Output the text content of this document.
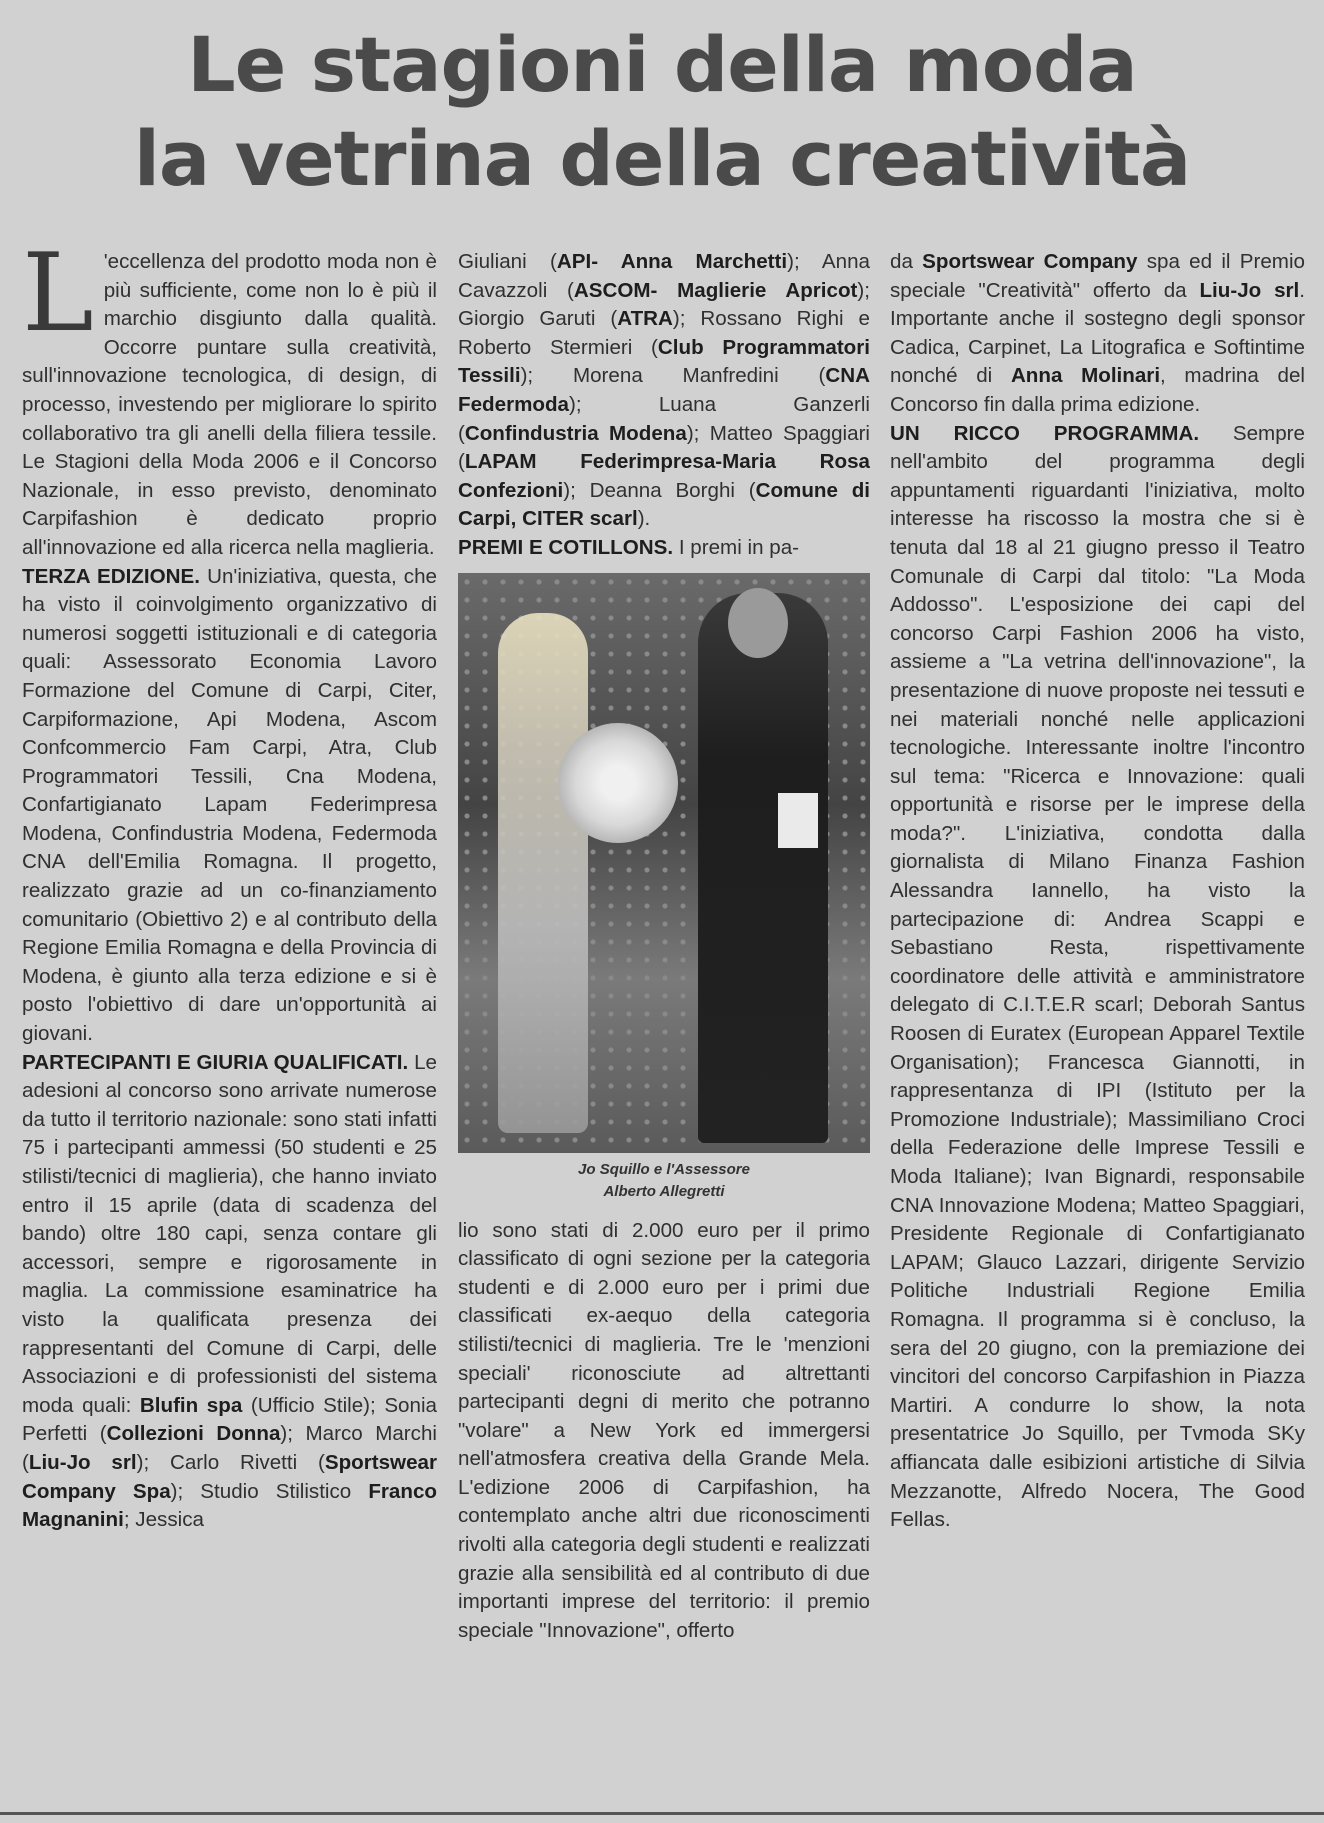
Le stagioni della moda
la vetrina della creatività

L 'eccellenza del prodotto moda non è più sufficiente, come non lo è più il marchio disgiunto dalla qualità. Occorre puntare sulla creatività, sull'innovazione tecnologica, di design, di processo, investendo per migliorare lo spirito collaborativo tra gli anelli della filiera tessile. Le Stagioni della Moda 2006 e il Concorso Nazionale, in esso previsto, denominato Carpifashion è dedicato proprio all'innovazione ed alla ricerca nella maglieria.

TERZA EDIZIONE. Un'iniziativa, questa, che ha visto il coinvolgimento organizzativo di numerosi soggetti istituzionali e di categoria quali: Assessorato Economia Lavoro Formazione del Comune di Carpi, Citer, Carpiformazione, Api Modena, Ascom Confcommercio Fam Carpi, Atra, Club Programmatori Tessili, Cna Modena, Confartigianato Lapam Federimpresa Modena, Confindustria Modena, Federmoda CNA dell'Emilia Romagna. Il progetto, realizzato grazie ad un co-finanziamento comunitario (Obiettivo 2) e al contributo della Regione Emilia Romagna e della Provincia di Modena, è giunto alla terza edizione e si è posto l'obiettivo di dare un'opportunità ai giovani.

PARTECIPANTI E GIURIA QUALIFICATI. Le adesioni al concorso sono arrivate numerose da tutto il territorio nazionale: sono stati infatti 75 i partecipanti ammessi (50 studenti e 25 stilisti/tecnici di maglieria), che hanno inviato entro il 15 aprile (data di scadenza del bando) oltre 180 capi, senza contare gli accessori, sempre e rigorosamente in maglia. La commissione esaminatrice ha visto la qualificata presenza dei rappresentanti del Comune di Carpi, delle Associazioni e di professionisti del sistema moda quali: Blufin spa (Ufficio Stile); Sonia Perfetti (Collezioni Donna); Marco Marchi (Liu-Jo srl); Carlo Rivetti (Sportswear Company Spa); Studio Stilistico Franco Magnanini; Jessica

Giuliani (API- Anna Marchetti); Anna Cavazzoli (ASCOM- Maglierie Apricot); Giorgio Garuti (ATRA); Rossano Righi e Roberto Stermieri (Club Programmatori Tessili); Morena Manfredini (CNA Federmoda); Luana Ganzerli (Confindustria Modena); Matteo Spaggiari (LAPAM Federimpresa-Maria Rosa Confezioni); Deanna Borghi (Comune di Carpi, CITER scarl).

PREMI E COTILLONS. I premi in pa-

Jo Squillo e l'Assessore
Alberto Allegretti

lio sono stati di 2.000 euro per il primo classificato di ogni sezione per la categoria studenti e di 2.000 euro per i primi due classificati ex-aequo della categoria stilisti/tecnici di maglieria. Tre le 'menzioni speciali' riconosciute ad altrettanti partecipanti degni di merito che potranno "volare" a New York ed immergersi nell'atmosfera creativa della Grande Mela. L'edizione 2006 di Carpifashion, ha contemplato anche altri due riconoscimenti rivolti alla categoria degli studenti e realizzati grazie alla sensibilità ed al contributo di due importanti imprese del territorio: il premio speciale "Innovazione", offerto

da Sportswear Company spa ed il Premio speciale "Creatività" offerto da Liu-Jo srl. Importante anche il sostegno degli sponsor Cadica, Carpinet, La Litografica e Softintime nonché di Anna Molinari, madrina del Concorso fin dalla prima edizione.

UN RICCO PROGRAMMA. Sempre nell'ambito del programma degli appuntamenti riguardanti l'iniziativa, molto interesse ha riscosso la mostra che si è tenuta dal 18 al 21 giugno presso il Teatro Comunale di Carpi dal titolo: "La Moda Addosso". L'esposizione dei capi del concorso Carpi Fashion 2006 ha visto, assieme a "La vetrina dell'innovazione", la presentazione di nuove proposte nei tessuti e nei materiali nonché nelle applicazioni tecnologiche. Interessante inoltre l'incontro sul tema: "Ricerca e Innovazione: quali opportunità e risorse per le imprese della moda?". L'iniziativa, condotta dalla giornalista di Milano Finanza Fashion Alessandra Iannello, ha visto la partecipazione di: Andrea Scappi e Sebastiano Resta, rispettivamente coordinatore delle attività e amministratore delegato di C.I.T.E.R scarl; Deborah Santus Roosen di Euratex (European Apparel Textile Organisation); Francesca Giannotti, in rappresentanza di IPI (Istituto per la Promozione Industriale); Massimiliano Croci della Federazione delle Imprese Tessili e Moda Italiane); Ivan Bignardi, responsabile CNA Innovazione Modena; Matteo Spaggiari, Presidente Regionale di Confartigianato LAPAM; Glauco Lazzari, dirigente Servizio Politiche Industriali Regione Emilia Romagna. Il programma si è concluso, la sera del 20 giugno, con la premiazione dei vincitori del concorso Carpifashion in Piazza Martiri. A condurre lo show, la nota presentatrice Jo Squillo, per Tvmoda SKy affiancata dalle esibizioni artistiche di Silvia Mezzanotte, Alfredo Nocera, The Good Fellas.
